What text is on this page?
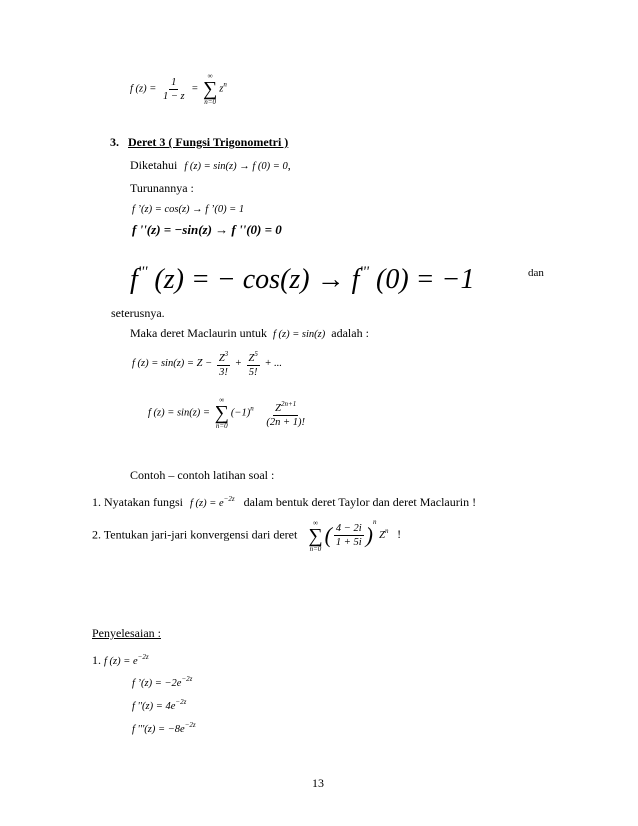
f $(z) = \frac{1}{1 - z}$ =
∞
∑
n=0
$z^n$
3. Deret 3 ( Fungsi Trigonometri )
Diketahui f (z) = sin(z) → f (0) = 0,
Turunannya :
f ’(z) = cos(z) → f ’(0) = 1
f ''(z) = −sin(z) → f ''(0) = 0
f''' (z) = − cos(z) → f''' (0) = −1	dan
seterusnya.
Maka deret Maclaurin untuk f (z) = sin(z) adalah :
f $(z) = \sin(z) = Z - \frac{Z^3}{3!} + \frac{Z^5}{5!}$ + ...
f (z) = sin(z) =
∞
∑
n=0
$(-1)^n \frac{Z^{2n+1}}{(2n + 1)!}$
Contoh – contoh latihan soal :
1. Nyatakan fungsi f $(z) = e^{-2z}$ dalam bentuk deret Taylor dan deret Maclaurin !
2. Tentukan jari-jari konvergensi dari deret
∞
∑
n=0
( $\frac{4 - 2i}{1 + 5i} )^n$ $Z^n$ !
Penyelesaian :
1. f $(z) = e^{-2z}$
f ’(z) = $-2e^{-2z}$
f ''$(z) = 4e^{-2z}$
f '''$(z) = -8e^{-2z}$
13
